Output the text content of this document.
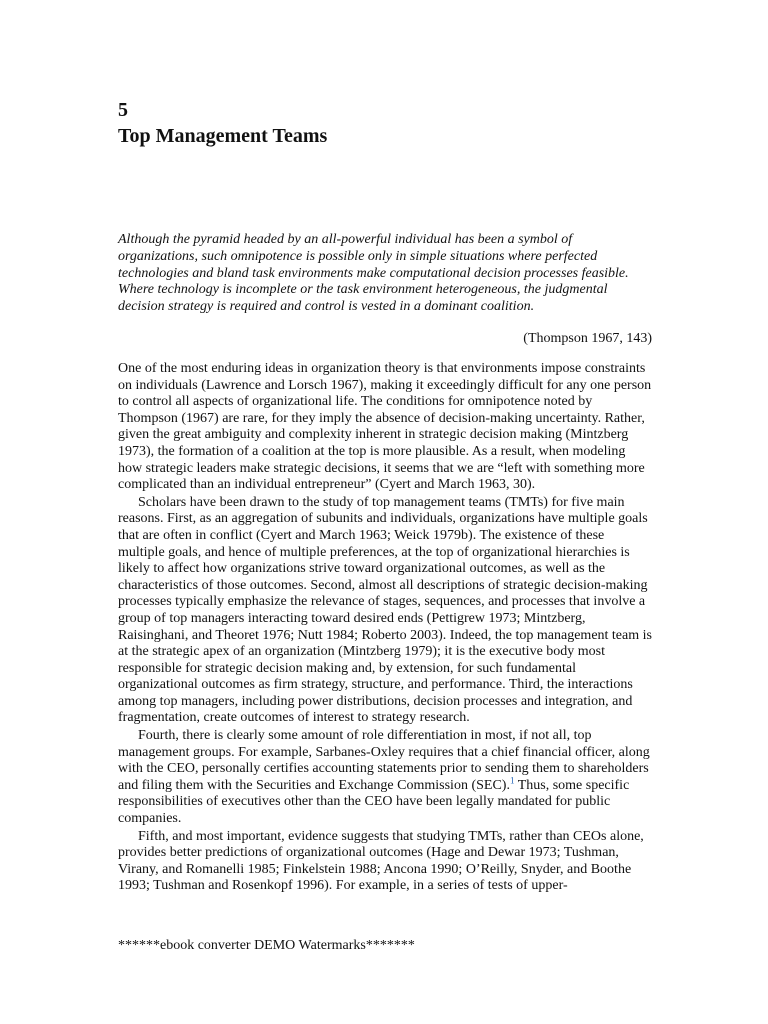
5
Top Management Teams

Although the pyramid headed by an all-powerful individual has been a symbol of organizations, such omnipotence is possible only in simple situations where perfected technologies and bland task environments make computational decision processes feasible. Where technology is incomplete or the task environment heterogeneous, the judgmental decision strategy is required and control is vested in a dominant coalition.

(Thompson 1967, 143)

One of the most enduring ideas in organization theory is that environments impose constraints on individuals (Lawrence and Lorsch 1967), making it exceedingly difficult for any one person to control all aspects of organizational life. The conditions for omnipotence noted by Thompson (1967) are rare, for they imply the absence of decision-making uncertainty. Rather, given the great ambiguity and complexity inherent in strategic decision making (Mintzberg 1973), the formation of a coalition at the top is more plausible. As a result, when modeling how strategic leaders make strategic decisions, it seems that we are “left with something more complicated than an individual entrepreneur” (Cyert and March 1963, 30).

Scholars have been drawn to the study of top management teams (TMTs) for five main reasons. First, as an aggregation of subunits and individuals, organizations have multiple goals that are often in conflict (Cyert and March 1963; Weick 1979b). The existence of these multiple goals, and hence of multiple preferences, at the top of organizational hierarchies is likely to affect how organizations strive toward organizational outcomes, as well as the characteristics of those outcomes. Second, almost all descriptions of strategic decision-making processes typically emphasize the relevance of stages, sequences, and processes that involve a group of top managers interacting toward desired ends (Pettigrew 1973; Mintzberg, Raisinghani, and Theoret 1976; Nutt 1984; Roberto 2003). Indeed, the top management team is at the strategic apex of an organization (Mintzberg 1979); it is the executive body most responsible for strategic decision making and, by extension, for such fundamental organizational outcomes as firm strategy, structure, and performance. Third, the interactions among top managers, including power distributions, decision processes and integration, and fragmentation, create outcomes of interest to strategy research.

Fourth, there is clearly some amount of role differentiation in most, if not all, top management groups. For example, Sarbanes-Oxley requires that a chief financial officer, along with the CEO, personally certifies accounting statements prior to sending them to shareholders and filing them with the Securities and Exchange Commission (SEC).$^1$ Thus, some specific responsibilities of executives other than the CEO have been legally mandated for public companies.

Fifth, and most important, evidence suggests that studying TMTs, rather than CEOs alone, provides better predictions of organizational outcomes (Hage and Dewar 1973; Tushman, Virany, and Romanelli 1985; Finkelstein 1988; Ancona 1990; O’Reilly, Snyder, and Boothe 1993; Tushman and Rosenkopf 1996). For example, in a series of tests of upper-

******ebook converter DEMO Watermarks*******
